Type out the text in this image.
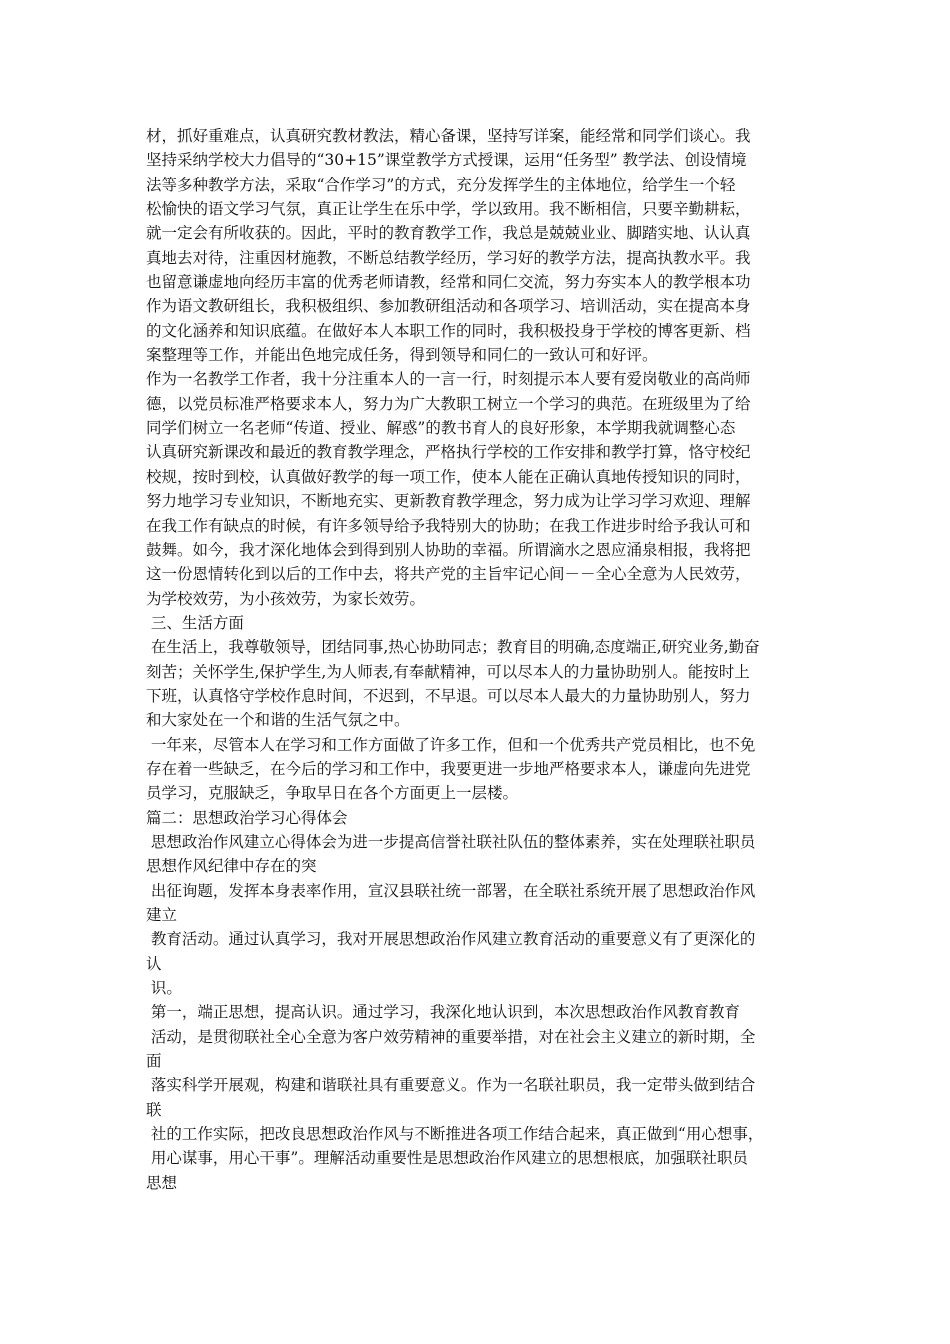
材，抓好重难点，认真研究教材教法，精心备课，坚持写详案，能经常和同学们谈心。我
坚持采纳学校大力倡导的“30+15”课堂教学方式授课，运用“任务型” 教学法、创设情境
法等多种教学方法，采取“合作学习”的方式，充分发挥学生的主体地位，给学生一个轻
松愉快的语文学习气氛，真正让学生在乐中学，学以致用。我不断相信，只要辛勤耕耘，
就一定会有所收获的。因此，平时的教育教学工作，我总是兢兢业业、脚踏实地、认认真
真地去对待，注重因材施教，不断总结教学经历，学习好的教学方法，提高执教水平。我
也留意谦虚地向经历丰富的优秀老师请教，经常和同仁交流，努力夯实本人的教学根本功
作为语文教研组长，我积极组织、参加教研组活动和各项学习、培训活动，实在提高本身
的文化涵养和知识底蕴。在做好本人本职工作的同时，我积极投身于学校的博客更新、档
案整理等工作，并能出色地完成任务，得到领导和同仁的一致认可和好评。
作为一名教学工作者，我十分注重本人的一言一行，时刻提示本人要有爱岗敬业的高尚师
德，以党员标准严格要求本人，努力为广大教职工树立一个学习的典范。在班级里为了给
同学们树立一名老师“传道、授业、解惑”的教书育人的良好形象，本学期我就调整心态
认真研究新课改和最近的教育教学理念，严格执行学校的工作安排和教学打算，恪守校纪
校规，按时到校，认真做好教学的每一项工作，使本人能在正确认真地传授知识的同时，
努力地学习专业知识，不断地充实、更新教育教学理念，努力成为让学习学习欢迎、理解
在我工作有缺点的时候，有许多领导给予我特别大的协助；在我工作进步时给予我认可和
鼓舞。如今，我才深化地体会到得到别人协助的幸福。所谓滴水之恩应涌泉相报，我将把
这一份恩情转化到以后的工作中去，将共产党的主旨牢记心间－－全心全意为人民效劳，
为学校效劳，为小孩效劳，为家长效劳。
三、生活方面
在生活上，我尊敬领导，团结同事,热心协助同志；教育目的明确,态度端正,研究业务,勤奋
刻苦；关怀学生,保护学生,为人师表,有奉献精神，可以尽本人的力量协助别人。能按时上
下班，认真恪守学校作息时间，不迟到，不早退。可以尽本人最大的力量协助别人，努力
和大家处在一个和谐的生活气氛之中。
一年来，尽管本人在学习和工作方面做了许多工作，但和一个优秀共产党员相比，也不免
存在着一些缺乏，在今后的学习和工作中，我要更进一步地严格要求本人，谦虚向先进党
员学习，克服缺乏，争取早日在各个方面更上一层楼。
篇二：思想政治学习心得体会
思想政治作风建立心得体会为进一步提高信誉社联社队伍的整体素养，实在处理联社职员
思想作风纪律中存在的突
出征询题，发挥本身表率作用，宣汉县联社统一部署，在全联社系统开展了思想政治作风
建立
教育活动。通过认真学习，我对开展思想政治作风建立教育活动的重要意义有了更深化的
认
识。
第一，端正思想，提高认识。通过学习，我深化地认识到，本次思想政治作风教育教育
活动，是贯彻联社全心全意为客户效劳精神的重要举措，对在社会主义建立的新时期，全
面
落实科学开展观，构建和谐联社具有重要意义。作为一名联社职员，我一定带头做到结合
联
社的工作实际，把改良思想政治作风与不断推进各项工作结合起来，真正做到“用心想事，
用心谋事，用心干事”。理解活动重要性是思想政治作风建立的思想根底，加强联社职员
思想
